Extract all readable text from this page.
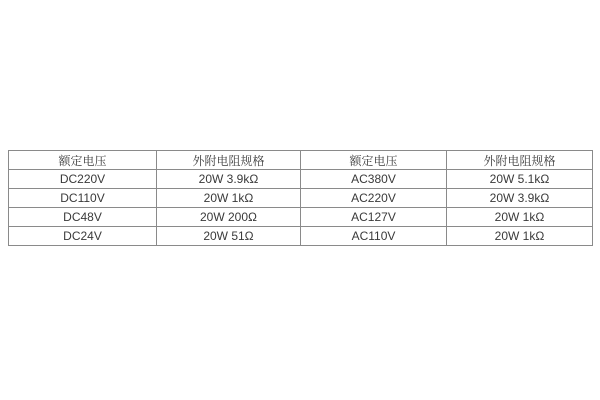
额定电压	外附电阻规格	额定电压	外附电阻规格
DC220V	20W 3.9kΩ	AC380V	20W 5.1kΩ
DC110V	20W 1kΩ	AC220V	20W 3.9kΩ
DC48V	20W 200Ω	AC127V	20W 1kΩ
DC24V	20W 51Ω	AC110V	20W 1kΩ
